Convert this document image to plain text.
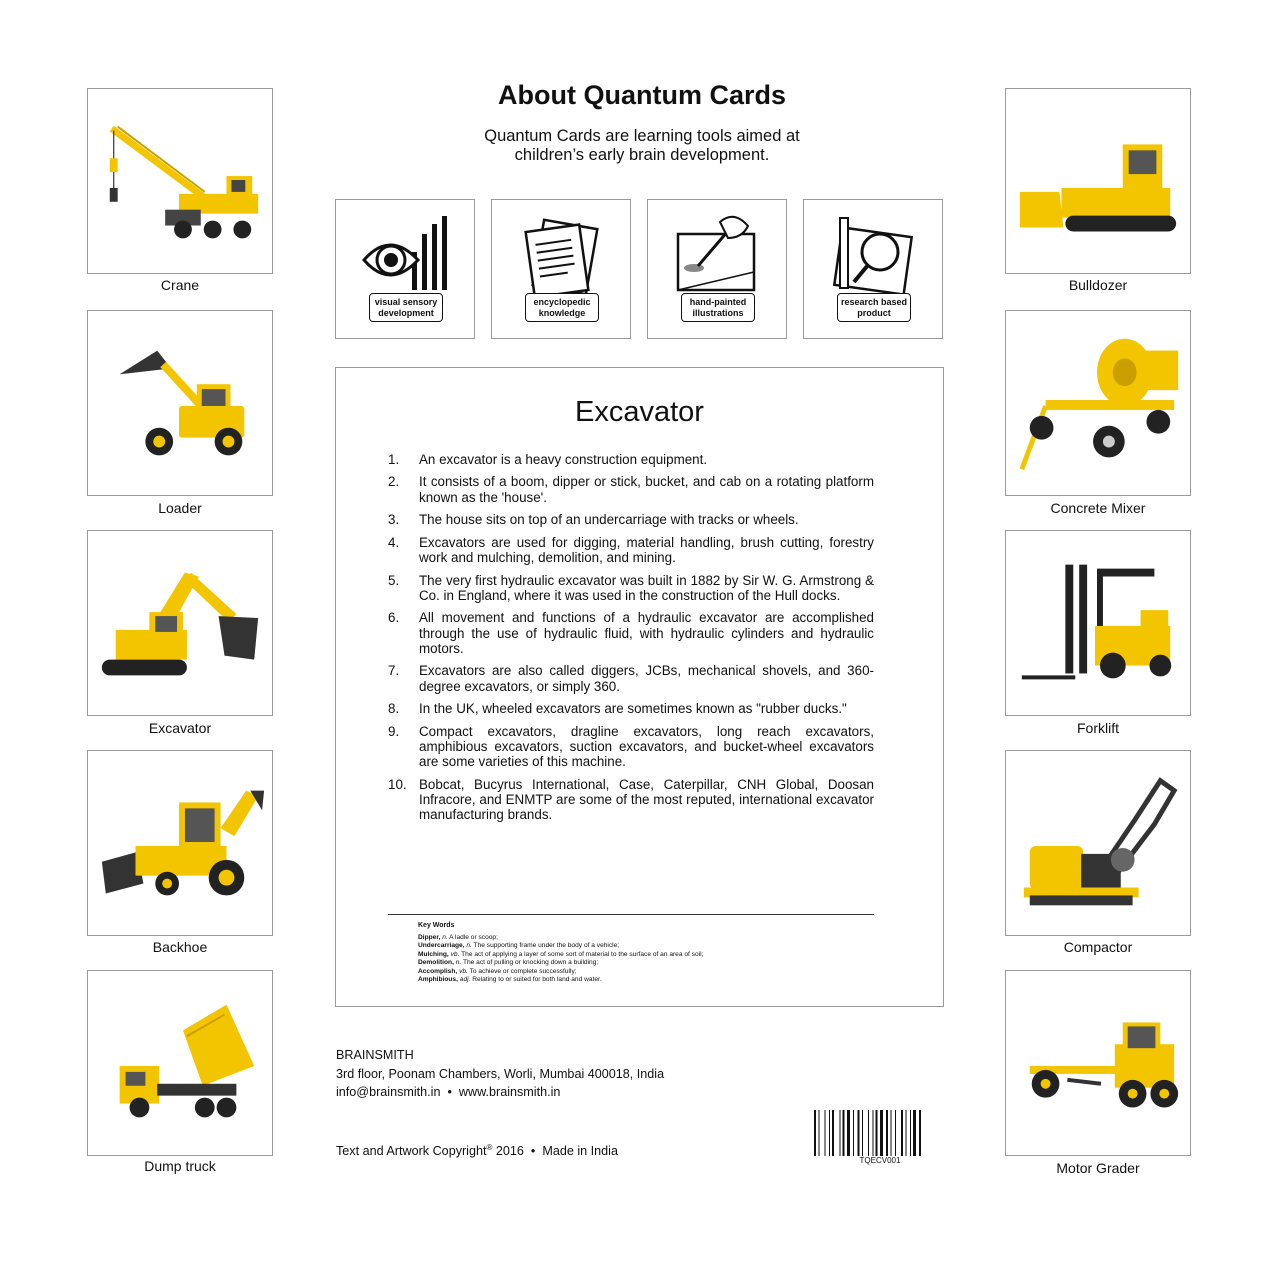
About Quantum Cards
Quantum Cards are learning tools aimed at
children’s early brain development.
Crane
Loader
Excavator
Backhoe
Dump truck
Bulldozer
Concrete Mixer
Forklift
Compactor
Motor Grader
visual sensory
development
encyclopedic
knowledge
hand-painted
illustrations
research based
product
Excavator
1. An excavator is a heavy construction equipment.
2. It consists of a boom, dipper or stick, bucket, and cab on a rotating platform known as the 'house'.
3. The house sits on top of an undercarriage with tracks or wheels.
4. Excavators are used for digging, material handling, brush cutting, forestry work and mulching, demolition, and mining.
5. The very first hydraulic excavator was built in 1882 by Sir W. G. Armstrong & Co. in England, where it was used in the construction of the Hull docks.
6. All movement and functions of a hydraulic excavator are accomplished through the use of hydraulic fluid, with hydraulic cylinders and hydraulic motors.
7. Excavators are also called diggers, JCBs, mechanical shovels, and 360-degree excavators, or simply 360.
8. In the UK, wheeled excavators are sometimes known as "rubber ducks."
9. Compact excavators, dragline excavators, long reach excavators, amphibious excavators, suction excavators, and bucket-wheel excavators are some varieties of this machine.
10. Bobcat, Bucyrus International, Case, Caterpillar, CNH Global, Doosan Infracore, and ENMTP are some of the most reputed, international excavator manufacturing brands.
Key Words
Dipper, n. A ladle or scoop;
Undercarriage, n. The supporting frame under the body of a vehicle;
Mulching, vb. The act of applying a layer of some sort of material to the surface of an area of soil;
Demolition, n. The act of pulling or knocking down a building;
Accomplish, vb. To achieve or complete successfully;
Amphibious, adj. Relating to or suited for both land and water.
BRAINSMITH
3rd floor, Poonam Chambers, Worli, Mumbai 400018, India
info@brainsmith.in  •  www.brainsmith.in
Text and Artwork Copyright® 2016  •  Made in India
TQECV001
